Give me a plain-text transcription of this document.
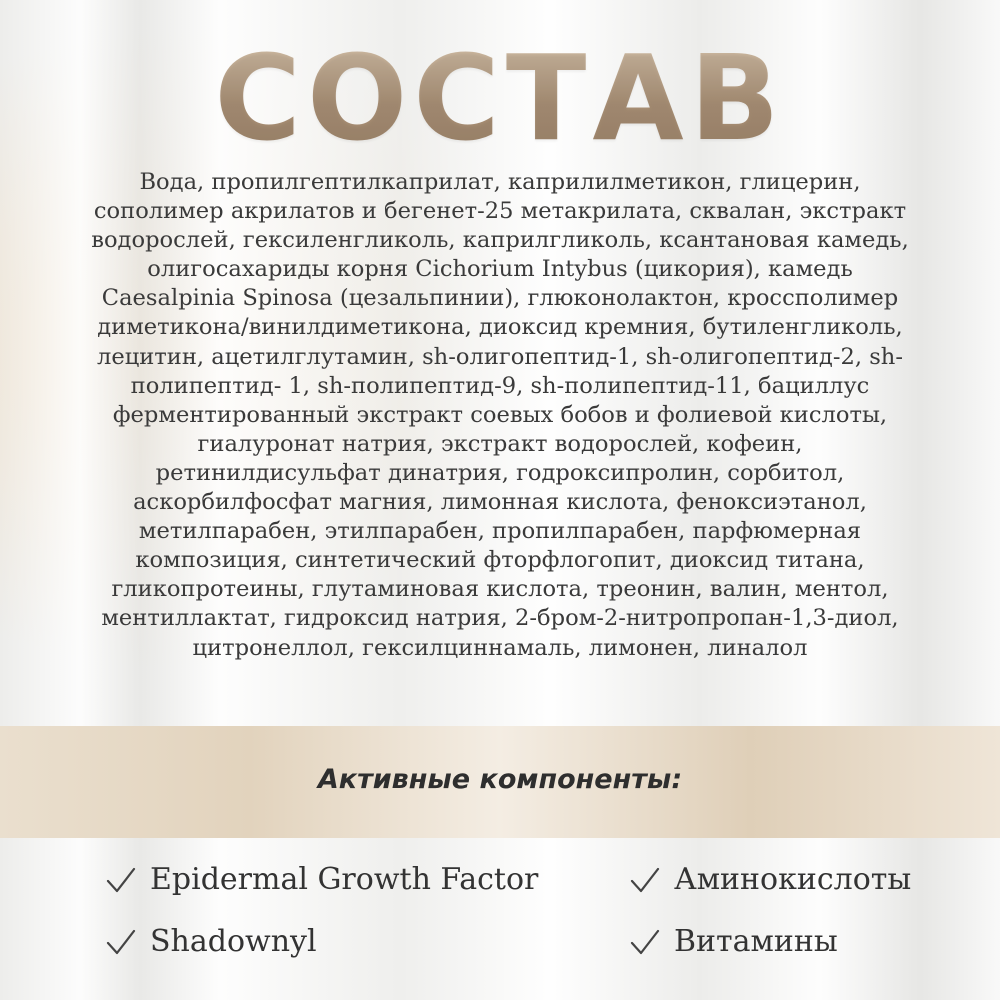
СОСТАВ
Вода, пропилгептилкаприлат, каприлилметикон, глицерин,
сополимер акрилатов и бегенет-25 метакрилата, сквалан, экстракт
водорослей, гексиленгликоль, каприлгликоль, ксантановая камедь,
олигосахариды корня Cichorium Intybus (цикория), камедь
Caesalpinia Spinosa (цезальпинии), глюконолактон, кросcполимер
диметикона/винилдиметикона, диоксид кремния, бутиленгликоль,
лецитин, ацетилглутамин, sh-олигопептид-1, sh-олигопептид-2, sh-
полипептид- 1, sh-полипептид-9, sh-полипептид-11, бациллус
ферментированный экстракт соевых бобов и фолиевой кислоты,
гиалуронат натрия, экстракт водорослей, кофеин,
ретинилдисульфат динатрия, годроксипролин, сорбитол,
аскорбилфосфат магния, лимонная кислота, феноксиэтанол,
метилпарабен, этилпарабен, пропилпарабен, парфюмерная
композиция, синтетический фторфлогопит, диоксид титана,
гликопротеины, глутаминовая кислота, треонин, валин, ментол,
ментиллактат, гидроксид натрия, 2-бром-2-нитропропан-1,3-диол,
цитронеллол, гексилциннамаль, лимонен, линалол
Активные компоненты:
Epidermal Growth Factor	Аминокислоты
Shadownyl	Витамины
